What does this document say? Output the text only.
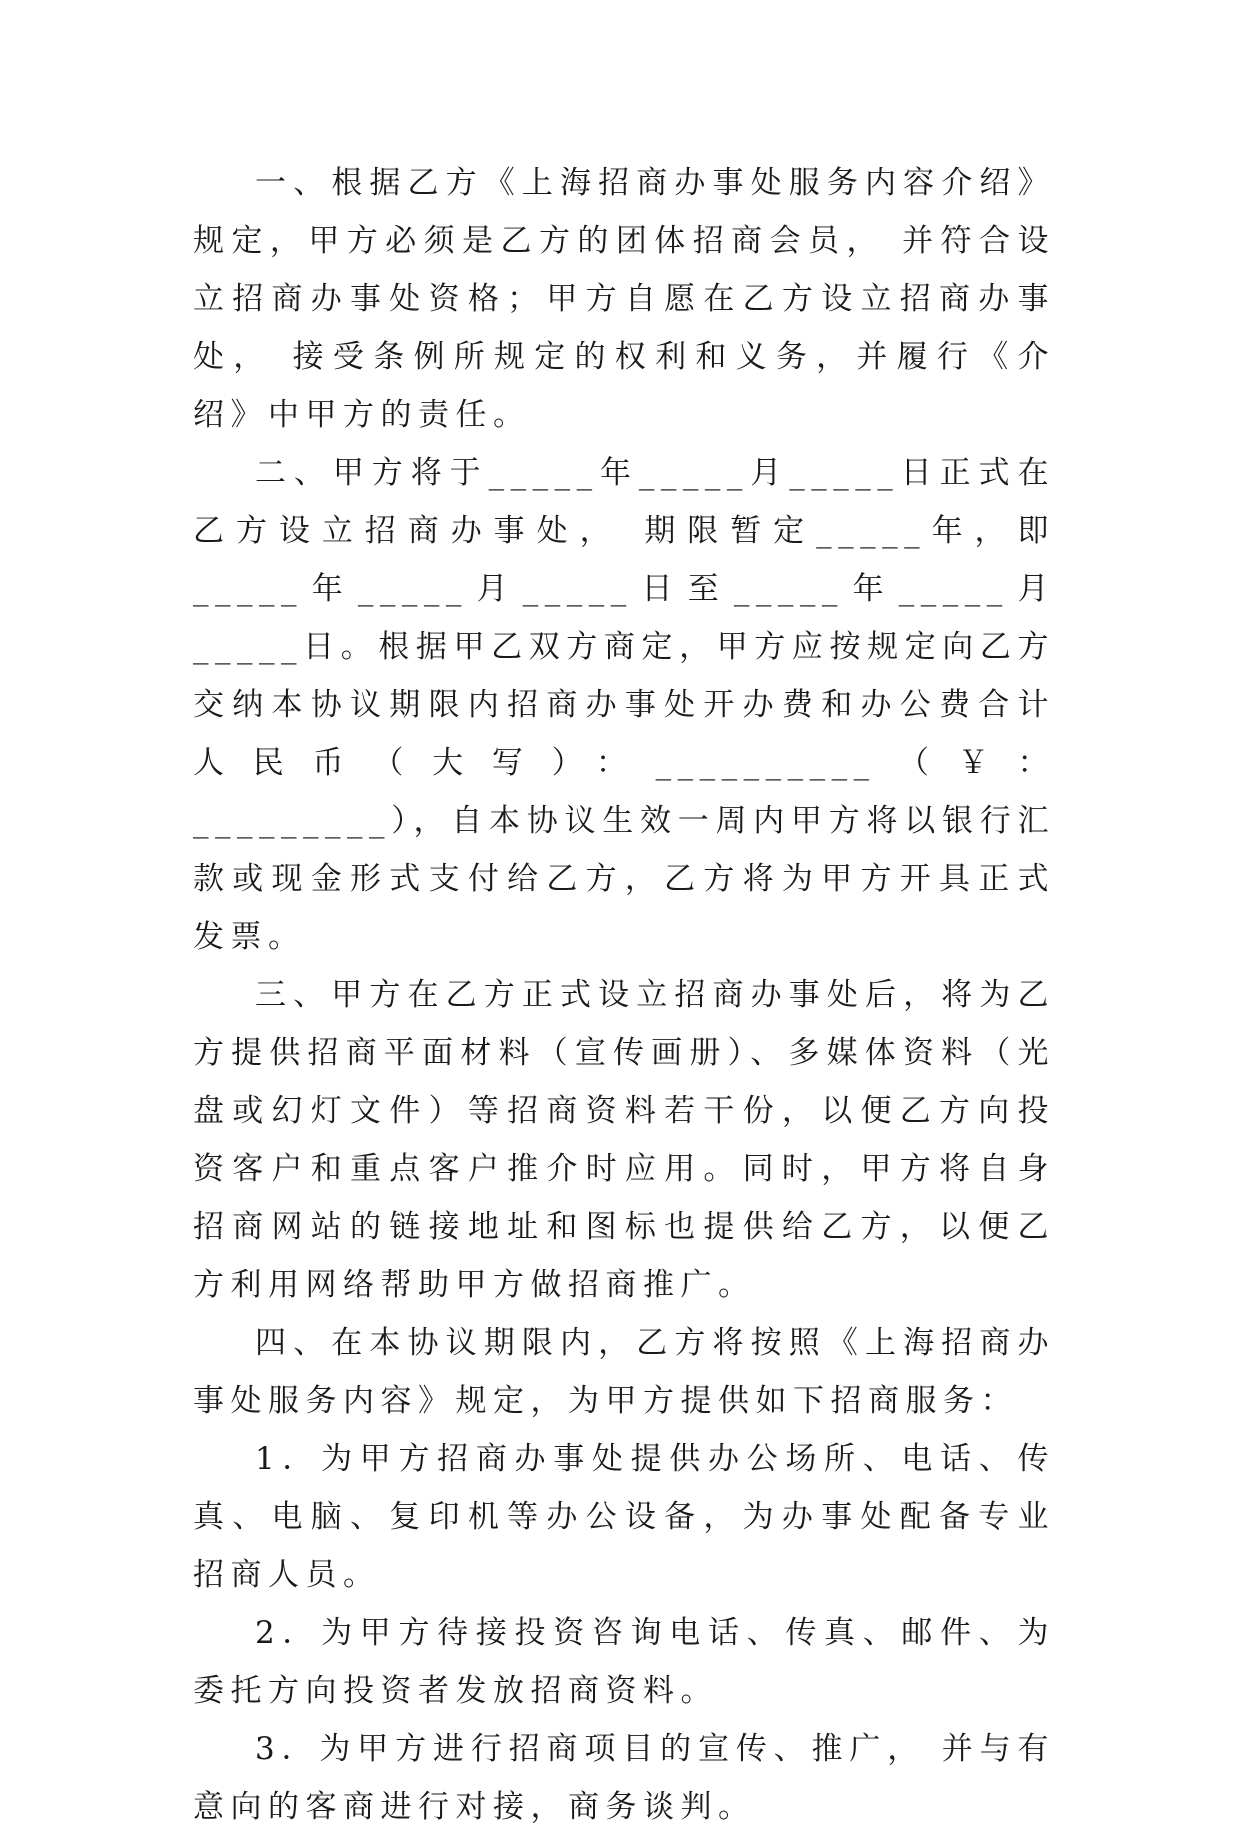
一、根据乙方《上海招商办事处服务内容介绍》规定，甲方必须是乙方的团体招商会员， 并符合设立招商办事处资格；甲方自愿在乙方设立招商办事处， 接受条例所规定的权利和义务，并履行《介绍》中甲方的责任。

二、甲方将于_____年_____月_____日正式在乙方设立招商办事处， 期限暂定_____年，即_____年_____月_____日至_____年_____月_____日。根据甲乙双方商定，甲方应按规定向乙方交纳本协议期限内招商办事处开办费和办公费合计人民币（大写）：__________（￥：_________），自本协议生效一周内甲方将以银行汇款或现金形式支付给乙方，乙方将为甲方开具正式发票。

三、甲方在乙方正式设立招商办事处后，将为乙方提供招商平面材料（宣传画册）、多媒体资料（光盘或幻灯文件）等招商资料若干份，以便乙方向投资客户和重点客户推介时应用。同时，甲方将自身招商网站的链接地址和图标也提供给乙方，以便乙方利用网络帮助甲方做招商推广。

四、在本协议期限内，乙方将按照《上海招商办事处服务内容》规定，为甲方提供如下招商服务：

1．为甲方招商办事处提供办公场所、电话、传真、电脑、复印机等办公设备，为办事处配备专业招商人员。

2．为甲方待接投资咨询电话、传真、邮件、为委托方向投资者发放招商资料。

3．为甲方进行招商项目的宣传、推广， 并与有意向的客商进行对接，商务谈判。
